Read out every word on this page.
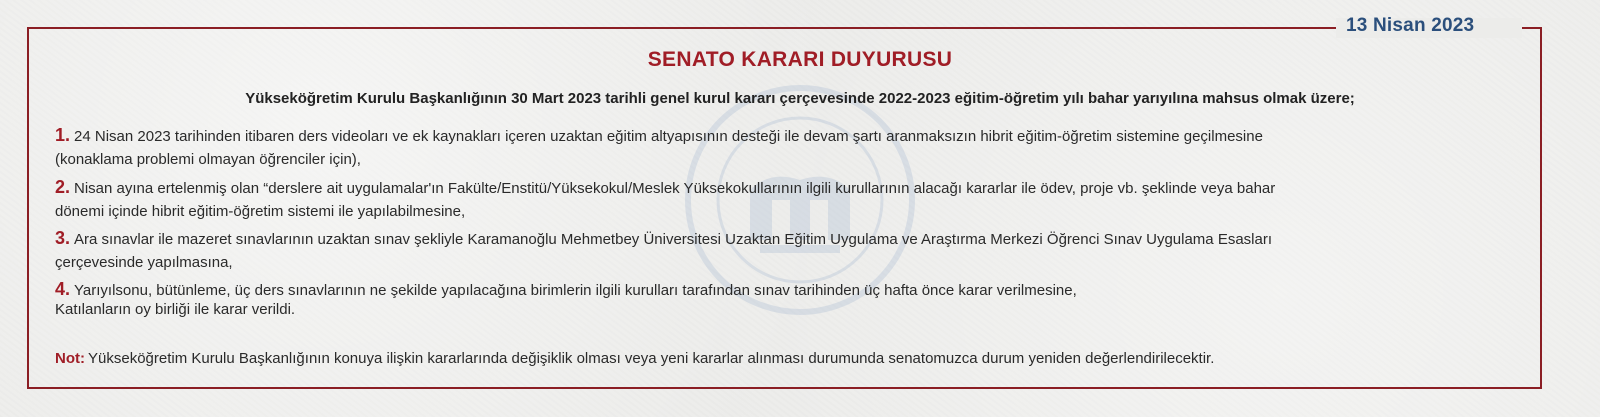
13 Nisan 2023
SENATO KARARI DUYURUSU
Yükseköğretim Kurulu Başkanlığının 30 Mart 2023 tarihli genel kurul kararı çerçevesinde 2022-2023 eğitim-öğretim yılı bahar yarıyılına mahsus olmak üzere;
1. 24 Nisan 2023 tarihinden itibaren ders videoları ve ek kaynakları içeren uzaktan eğitim altyapısının desteği ile devam şartı aranmaksızın hibrit eğitim-öğretim sistemine geçilmesine
(konaklama problemi olmayan öğrenciler için),
2. Nisan ayına ertelenmiş olan “derslere ait uygulamalar'ın Fakülte/Enstitü/Yüksekokul/Meslek Yüksekokullarının ilgili kurullarının alacağı kararlar ile ödev, proje vb. şeklinde veya bahar
dönemi içinde hibrit eğitim-öğretim sistemi ile yapılabilmesine,
3. Ara sınavlar ile mazeret sınavlarının uzaktan sınav şekliyle Karamanoğlu Mehmetbey Üniversitesi Uzaktan Eğitim Uygulama ve Araştırma Merkezi Öğrenci Sınav Uygulama Esasları
çerçevesinde yapılmasına,
4. Yarıyılsonu, bütünleme, üç ders sınavlarının ne şekilde yapılacağına birimlerin ilgili kurulları tarafından sınav tarihinden üç hafta önce karar verilmesine,
Katılanların oy birliği ile karar verildi.
Not: Yükseköğretim Kurulu Başkanlığının konuya ilişkin kararlarında değişiklik olması veya yeni kararlar alınması durumunda senatomuzca durum yeniden değerlendirilecektir.
